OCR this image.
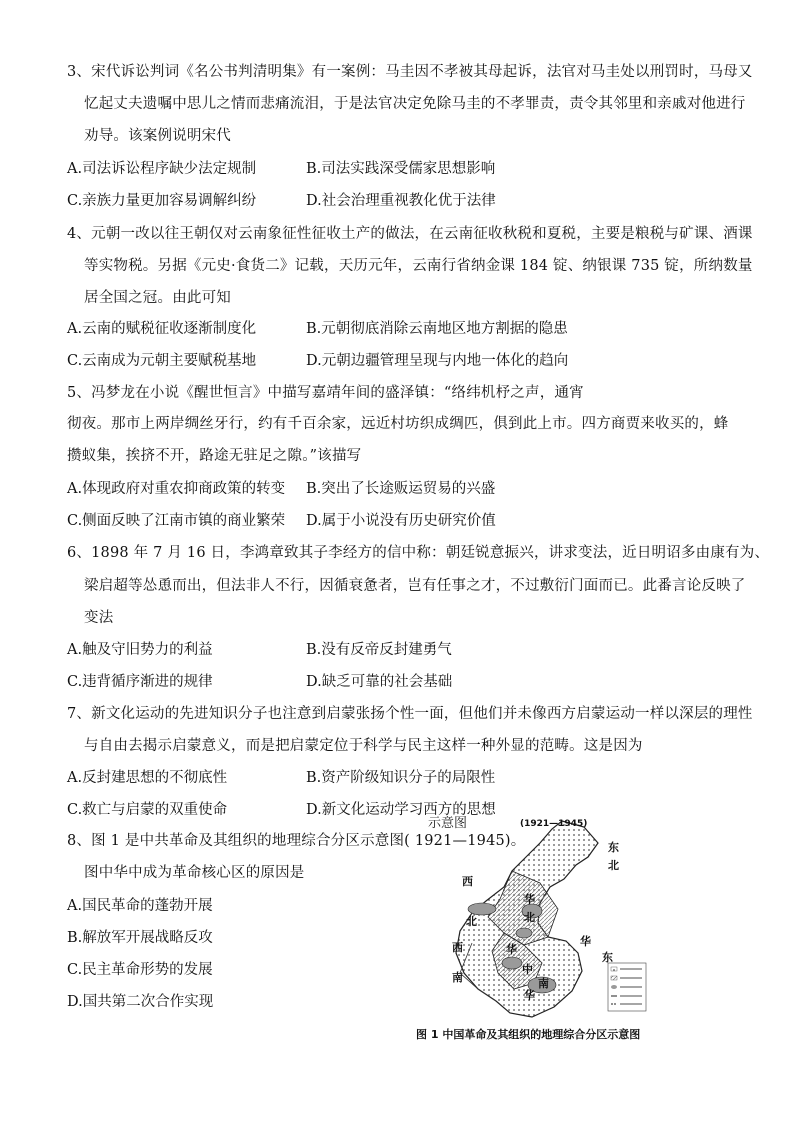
3、宋代诉讼判词《名公书判清明集》有一案例：马圭因不孝被其母起诉，法官对马圭处以刑罚时，马母又
忆起丈夫遗嘱中思儿之情而悲痛流泪，于是法官决定免除马圭的不孝罪责，责令其邻里和亲戚对他进行
劝导。该案例说明宋代
A.司法诉讼程序缺少法定规制	B.司法实践深受儒家思想影响
C.亲族力量更加容易调解纠纷	D.社会治理重视教化优于法律
4、元朝一改以往王朝仅对云南象征性征收土产的做法，在云南征收秋税和夏税，主要是粮税与矿课、酒课
等实物税。另据《元史·食货二》记载，天历元年，云南行省纳金课 184 锭、纳银课 735 锭，所纳数量
居全国之冠。由此可知
A.云南的赋税征收逐渐制度化	B.元朝彻底消除云南地区地方割据的隐患
C.云南成为元朝主要赋税基地	D.元朝边疆管理呈现与内地一体化的趋向
5、冯梦龙在小说《醒世恒言》中描写嘉靖年间的盛泽镇：“络纬机杼之声，通宵
彻夜。那市上两岸绸丝牙行，约有千百余家，远近村坊织成绸匹，俱到此上市。四方商贾来收买的，蜂
攒蚁集，挨挤不开，路途无驻足之隙。”该描写
A.体现政府对重农抑商政策的转变 B.突出了长途贩运贸易的兴盛
C.侧面反映了江南市镇的商业繁荣 D.属于小说没有历史研究价值
6、1898 年 7 月 16 日，李鸿章致其子李经方的信中称：朝廷锐意振兴，讲求变法，近日明诏多由康有为、
梁启超等怂恿而出，但法非人不行，因循衰惫者，岂有任事之才，不过敷衍门面而已。此番言论反映了
变法
A.触及守旧势力的利益	B.没有反帝反封建勇气
C.违背循序渐进的规律	D.缺乏可靠的社会基础
7、新文化运动的先进知识分子也注意到启蒙张扬个性一面，但他们并未像西方启蒙运动一样以深层的理性
与自由去揭示启蒙意义，而是把启蒙定位于科学与民主这样一种外显的范畴。这是因为
A.反封建思想的不彻底性	B.资产阶级知识分子的局限性
C.救亡与启蒙的双重使命	D.新文化运动学习西方的思想
8、图 1 是中共革命及其组织的地理综合分区示意图( 1921—1945)。
图中华中成为革命核心区的原因是
A.国民革命的蓬勃开展
B.解放军开展战略反攻
C.民主革命形势的发展
D.国共第二次合作实现
东
北
西
北
华
北
西
南
华
中
华
东
华
南
示意图	(1921—1945)
图 1 中国革命及其组织的地理综合分区示意图
